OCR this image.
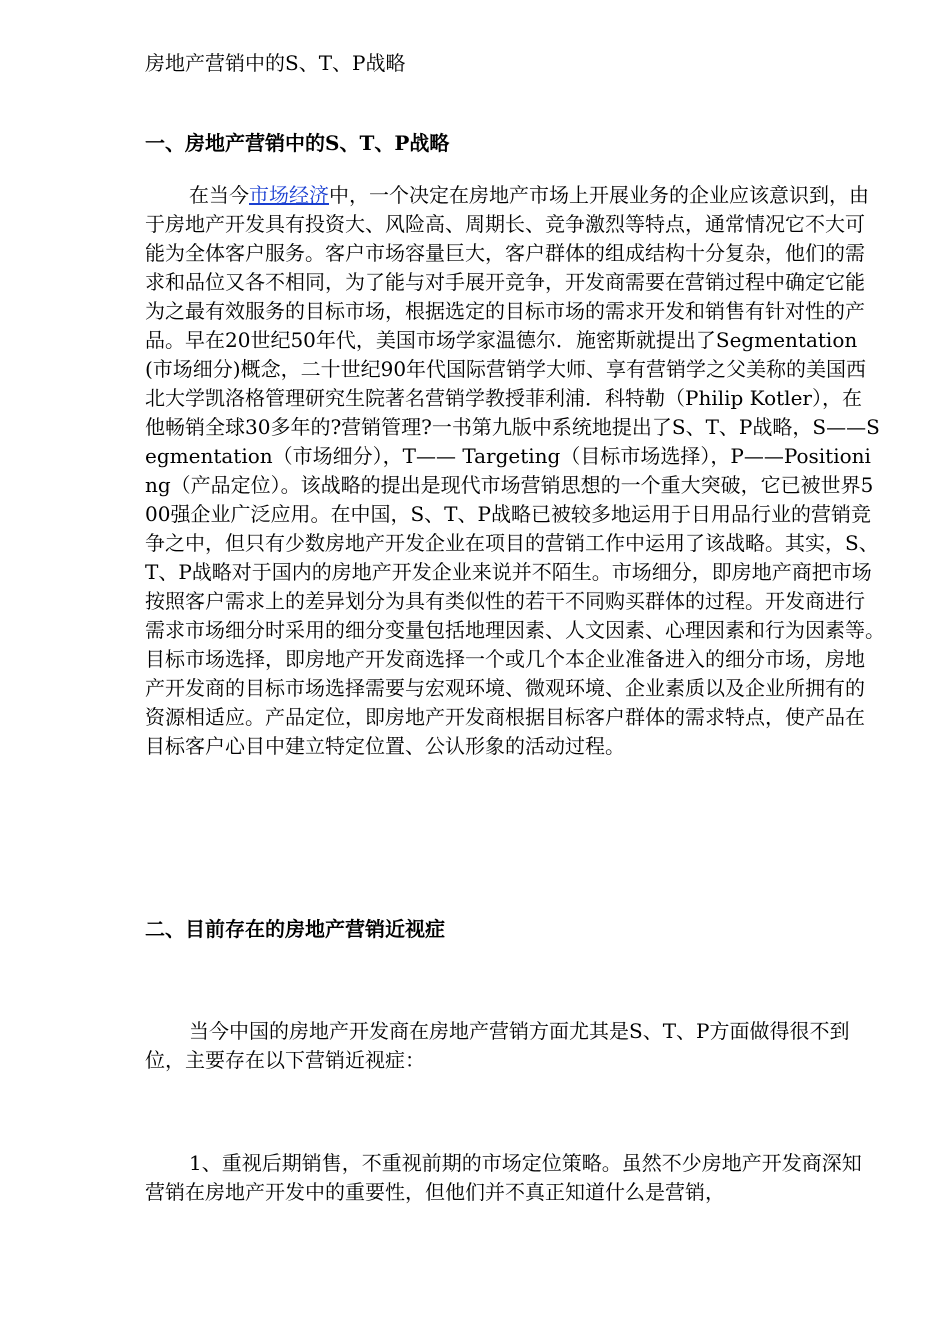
房地产营销中的S、T、P战略
一、房地产营销中的S、T、P战略

在当今市场经济中，一个决定在房地产市场上开展业务的企业应该意识到，由于房地产开发具有投资大、风险高、周期长、竞争激烈等特点，通常情况它不大可能为全体客户服务。客户市场容量巨大，客户群体的组成结构十分复杂，他们的需求和品位又各不相同，为了能与对手展开竞争，开发商需要在营销过程中确定它能为之最有效服务的目标市场，根据选定的目标市场的需求开发和销售有针对性的产品。早在20世纪50年代，美国市场学家温德尔．施密斯就提出了Segmentation(市场细分)概念，二十世纪90年代国际营销学大师、享有营销学之父美称的美国西北大学凯洛格管理研究生院著名营销学教授菲利浦．科特勒（Philip Kotler），在他畅销全球30多年的?营销管理?一书第九版中系统地提出了S、T、P战略，S——Segmentation（市场细分），T—— Targeting（目标市场选择），P——Positioning（产品定位）。该战略的提出是现代市场营销思想的一个重大突破，它已被世界500强企业广泛应用。在中国，S、T、P战略已被较多地运用于日用品行业的营销竞争之中，但只有少数房地产开发企业在项目的营销工作中运用了该战略。其实，S、T、P战略对于国内的房地产开发企业来说并不陌生。市场细分，即房地产商把市场按照客户需求上的差异划分为具有类似性的若干不同购买群体的过程。开发商进行需求市场细分时采用的细分变量包括地理因素、人文因素、心理因素和行为因素等。　　目标市场选择，即房地产开发商选择一个或几个本企业准备进入的细分市场，房地产开发商的目标市场选择需要与宏观环境、微观环境、企业素质以及企业所拥有的资源相适应。产品定位，即房地产开发商根据目标客户群体的需求特点，使产品在目标客户心目中建立特定位置、公认形象的活动过程。

二、目前存在的房地产营销近视症

当今中国的房地产开发商在房地产营销方面尤其是S、T、P方面做得很不到位，主要存在以下营销近视症：

1、重视后期销售，不重视前期的市场定位策略。虽然不少房地产开发商深知营销在房地产开发中的重要性，但他们并不真正知道什么是营销，
